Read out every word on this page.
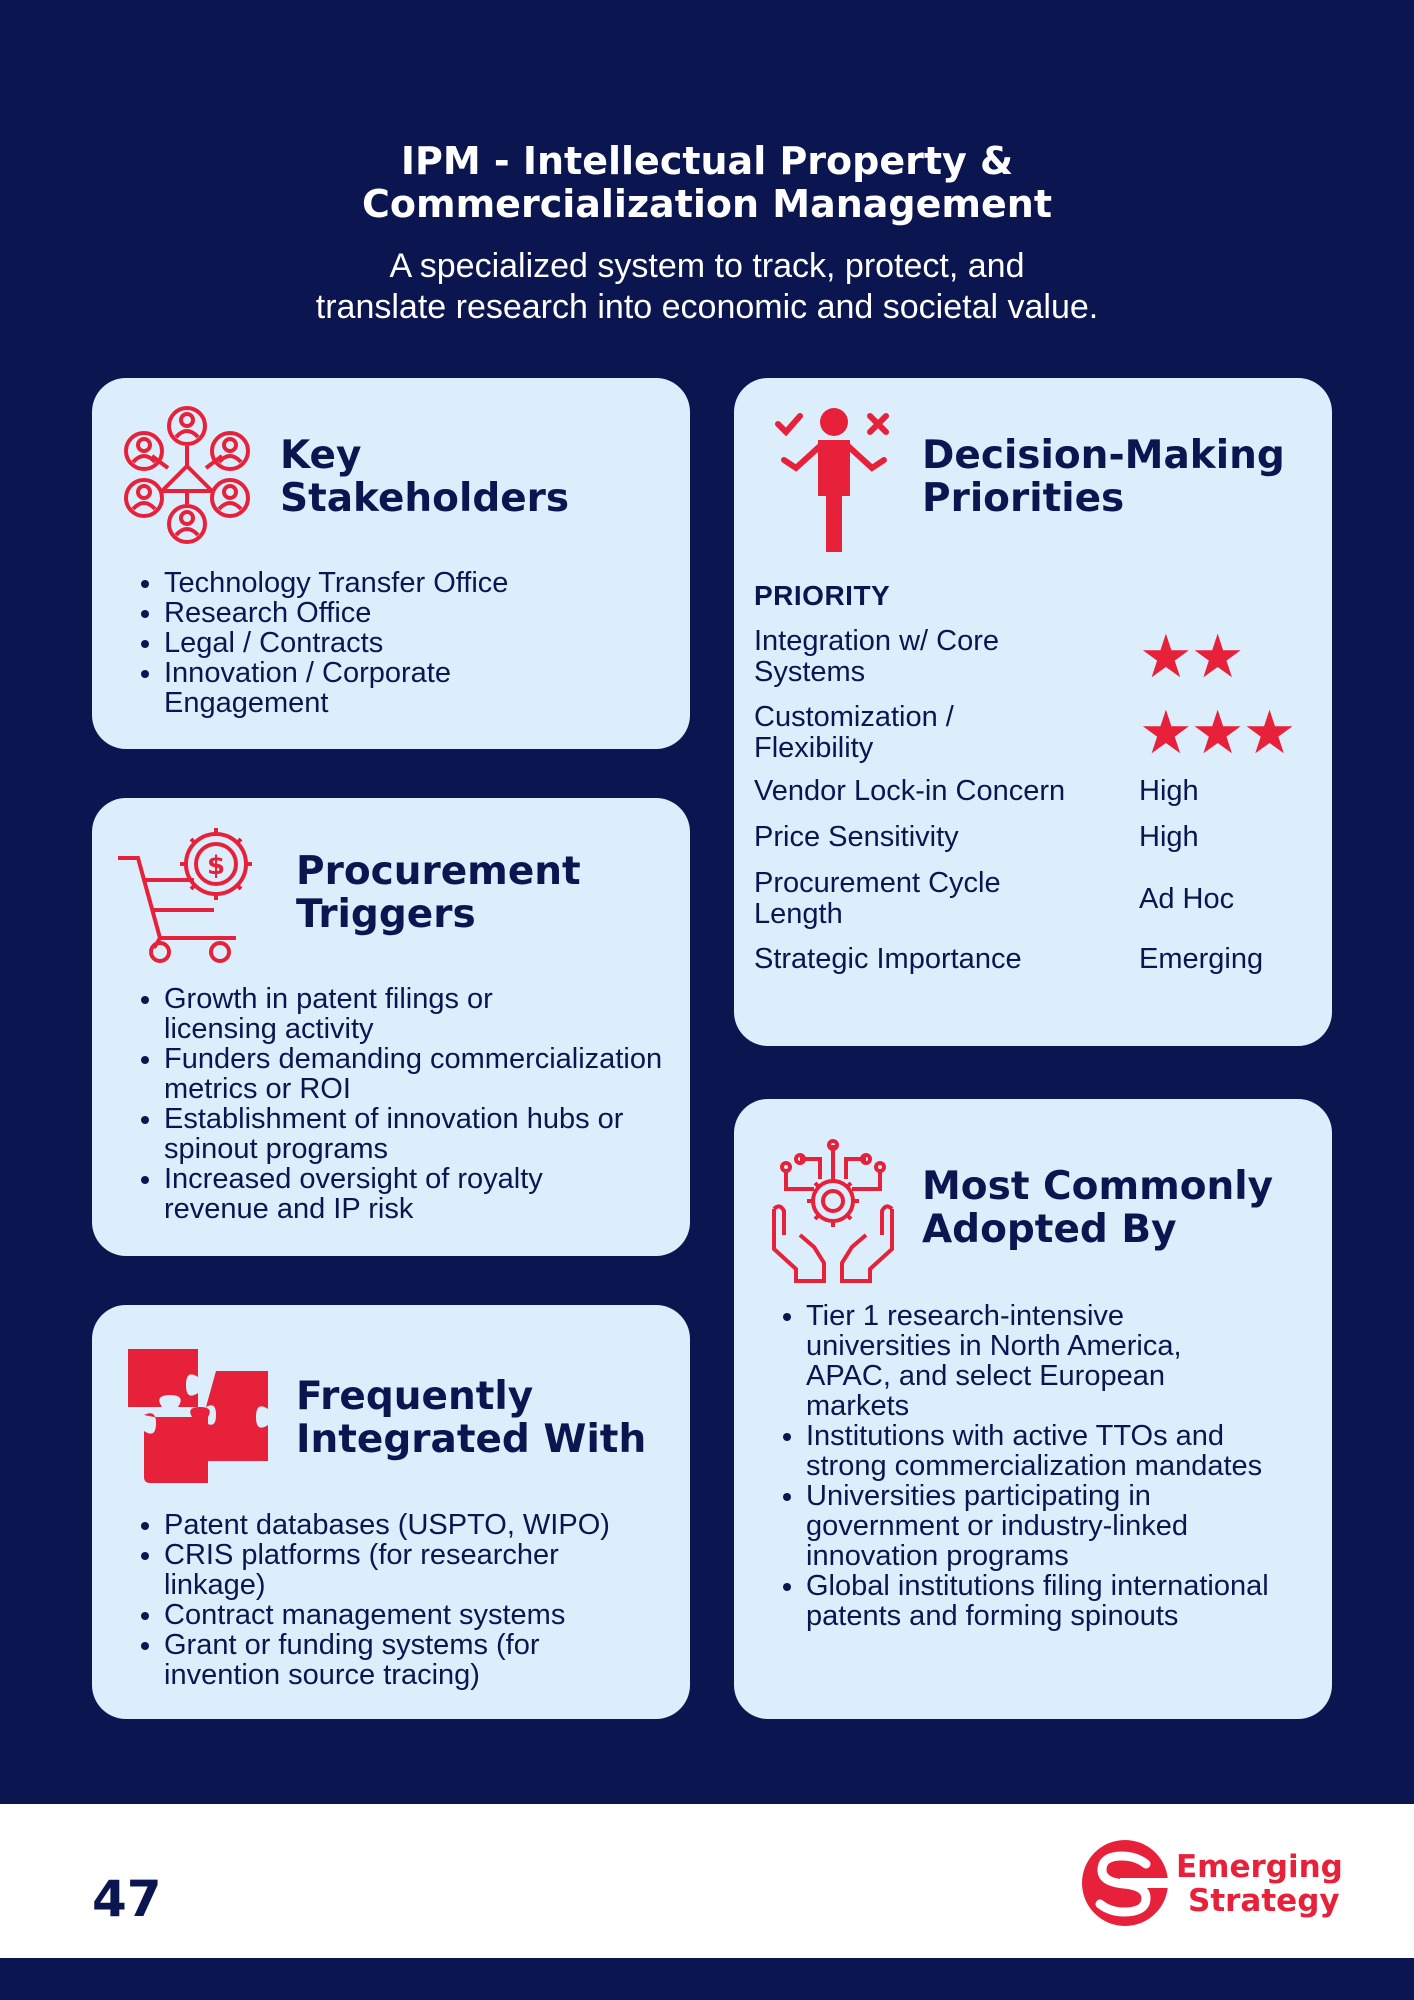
IPM - Intellectual Property &
Commercialization Management
A specialized system to track, protect, and
translate research into economic and societal value.
Key
Stakeholders
• Technology Transfer Office
• Research Office
• Legal / Contracts
• Innovation / Corporate Engagement
$ Procurement
Triggers
• Growth in patent filings or licensing activity
• Funders demanding commercialization metrics or ROI
• Establishment of innovation hubs or spinout programs
• Increased oversight of royalty revenue and IP risk
Frequently
Integrated With
• Patent databases (USPTO, WIPO)
• CRIS platforms (for researcher linkage)
• Contract management systems
• Grant or funding systems (for invention source tracing)
Decision-Making
Priorities
PRIORITY
Integration w/ Core Systems	★★
Customization / Flexibility	★★★
Vendor Lock-in Concern	High
Price Sensitivity	High
Procurement Cycle Length	Ad Hoc
Strategic Importance	Emerging
Most Commonly
Adopted By
• Tier 1 research-intensive universities in North America, APAC, and select European markets
• Institutions with active TTOs and strong commercialization mandates
• Universities participating in government or industry-linked innovation programs
• Global institutions filing international patents and forming spinouts
47
Emerging
Strategy
